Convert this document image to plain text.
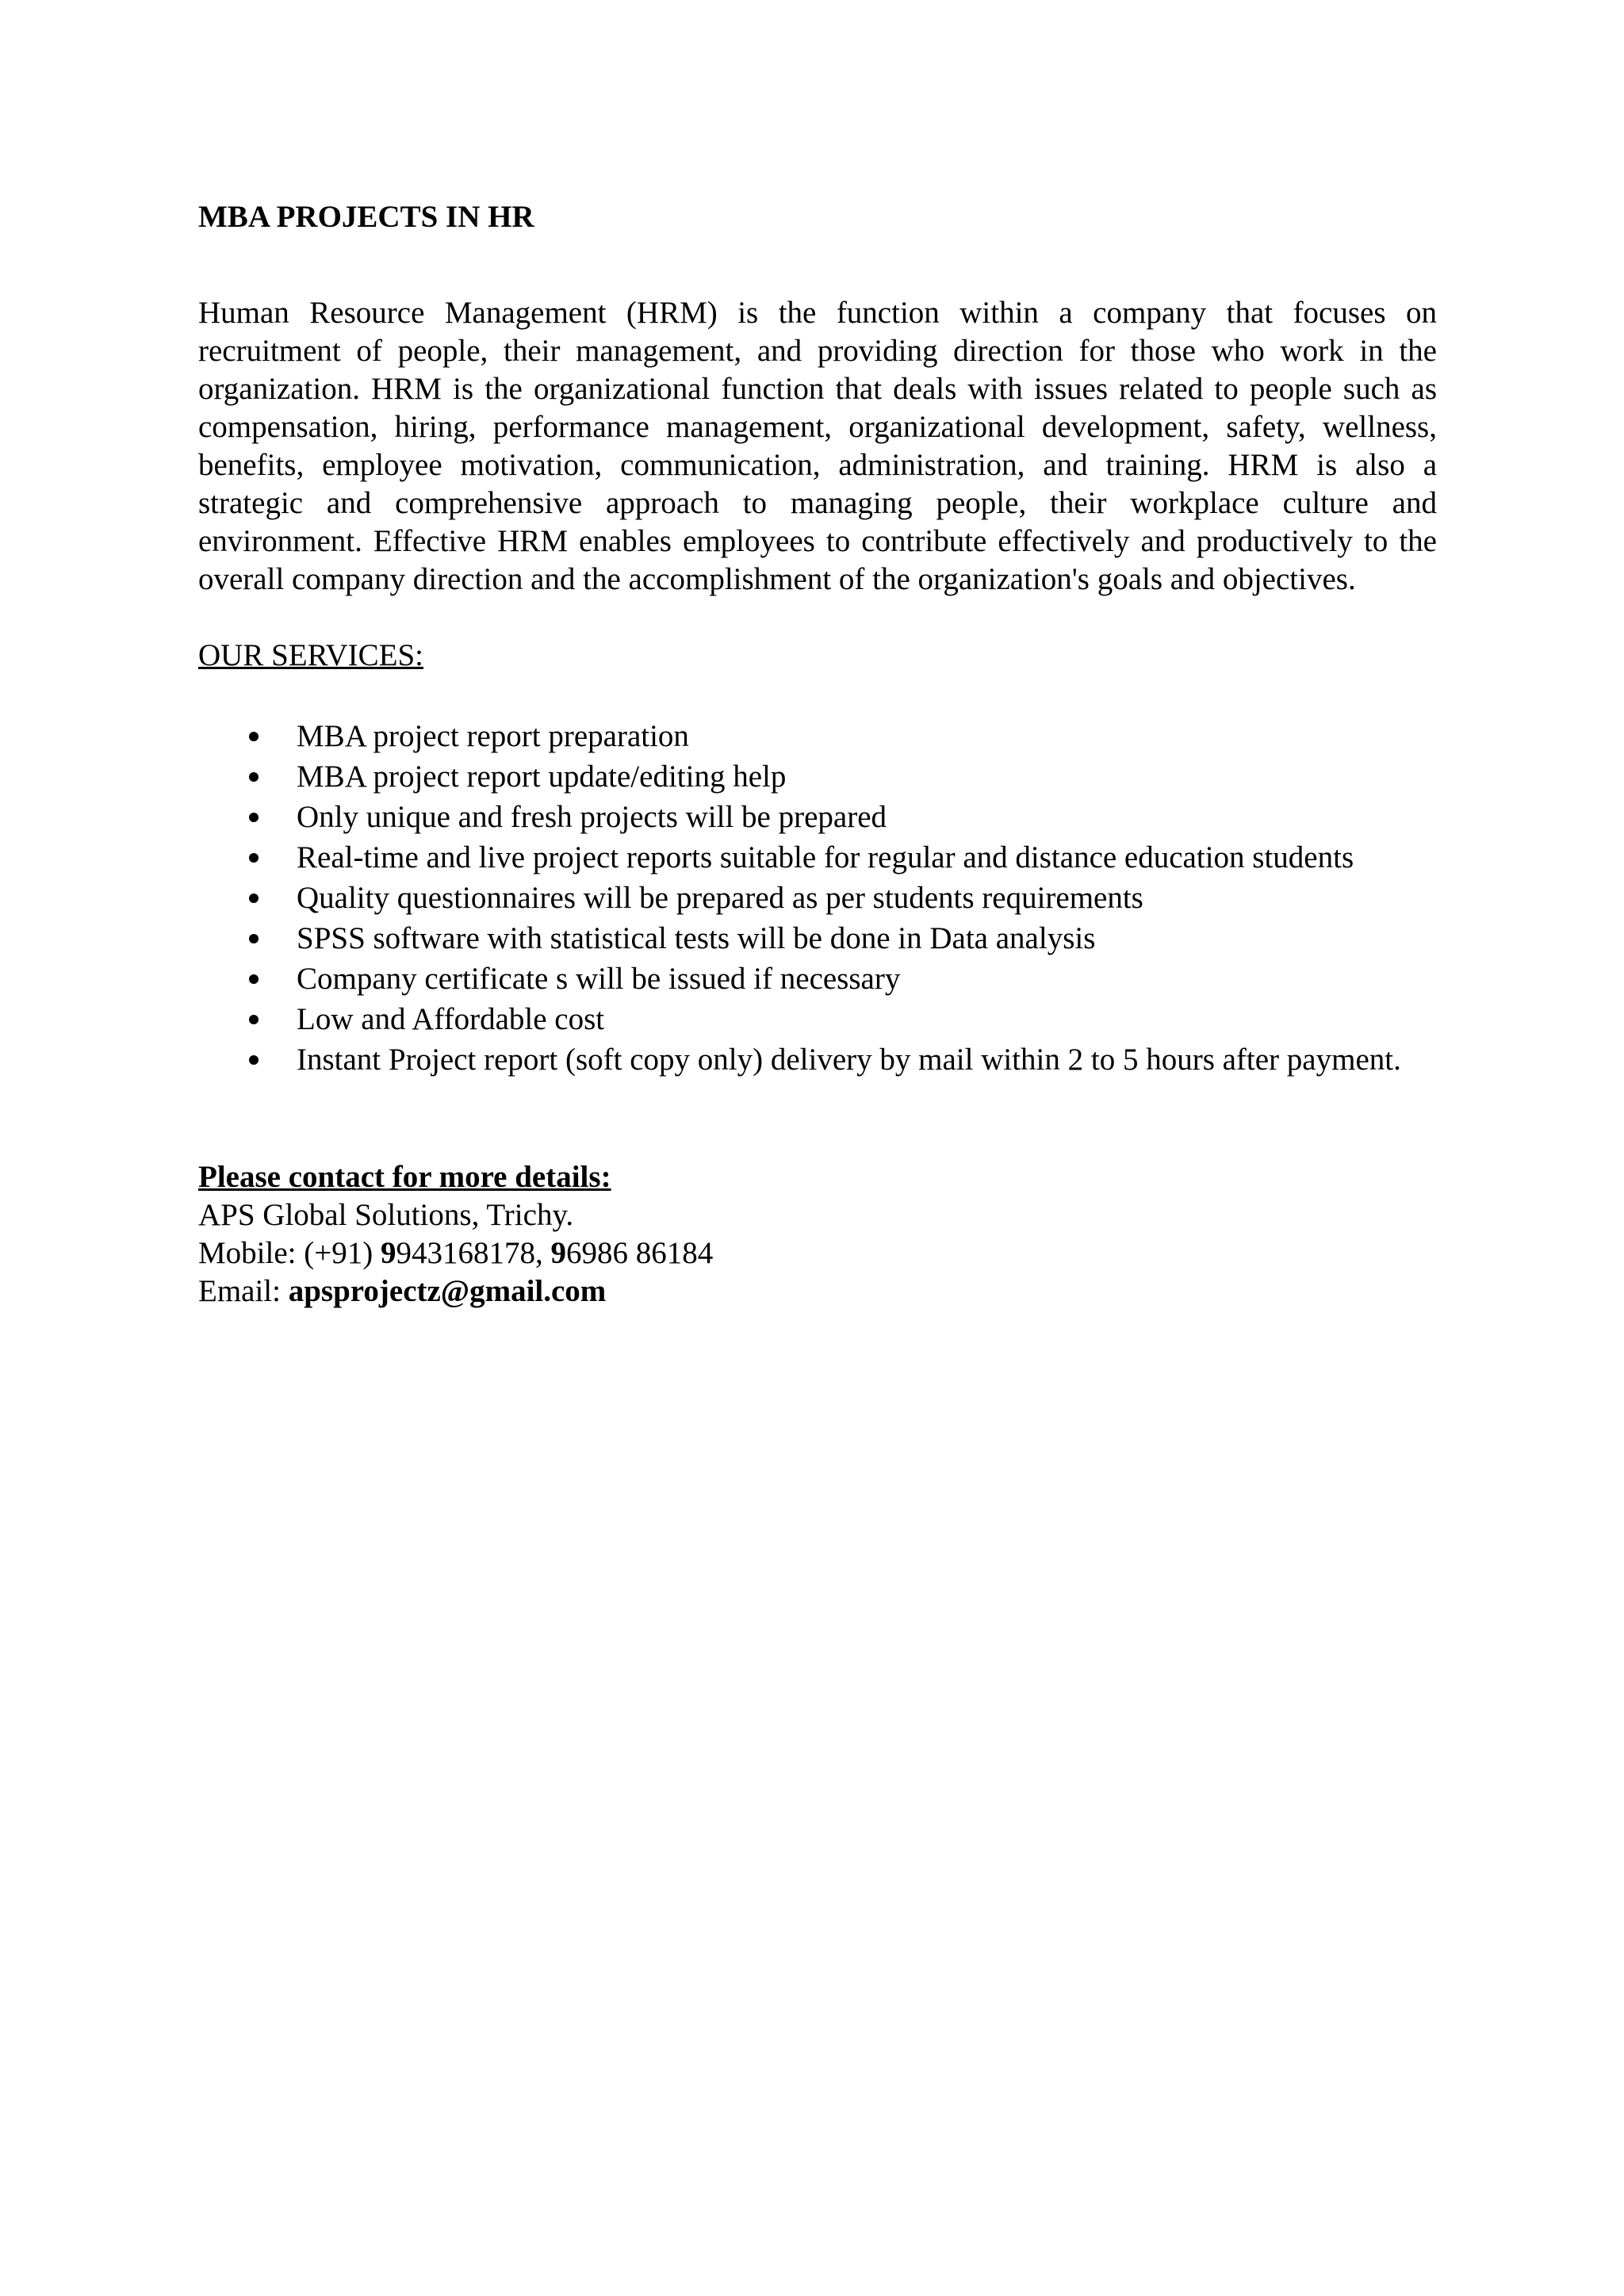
MBA PROJECTS IN HR

Human Resource Management (HRM) is the function within a company that focuses on recruitment of people, their management, and providing direction for those who work in the organization. HRM is the organizational function that deals with issues related to people such as compensation, hiring, performance management, organizational development, safety, wellness, benefits, employee motivation, communication, administration, and training. HRM is also a strategic and comprehensive approach to managing people, their workplace culture and environment. Effective HRM enables employees to contribute effectively and productively to the overall company direction and the accomplishment of the organization's goals and objectives.

OUR SERVICES:

MBA project report preparation
MBA project report update/editing help
Only unique and fresh projects will be prepared
Real-time and live project reports suitable for regular and distance education students
Quality questionnaires will be prepared as per students requirements
SPSS software with statistical tests will be done in Data analysis
Company certificate s will be issued if necessary
Low and Affordable cost
Instant Project report (soft copy only) delivery by mail within 2 to 5 hours after payment.
Please contact for more details:
APS Global Solutions, Trichy.
Mobile: (+91) 9943168178, 96986 86184
Email: apsprojectz@gmail.com
